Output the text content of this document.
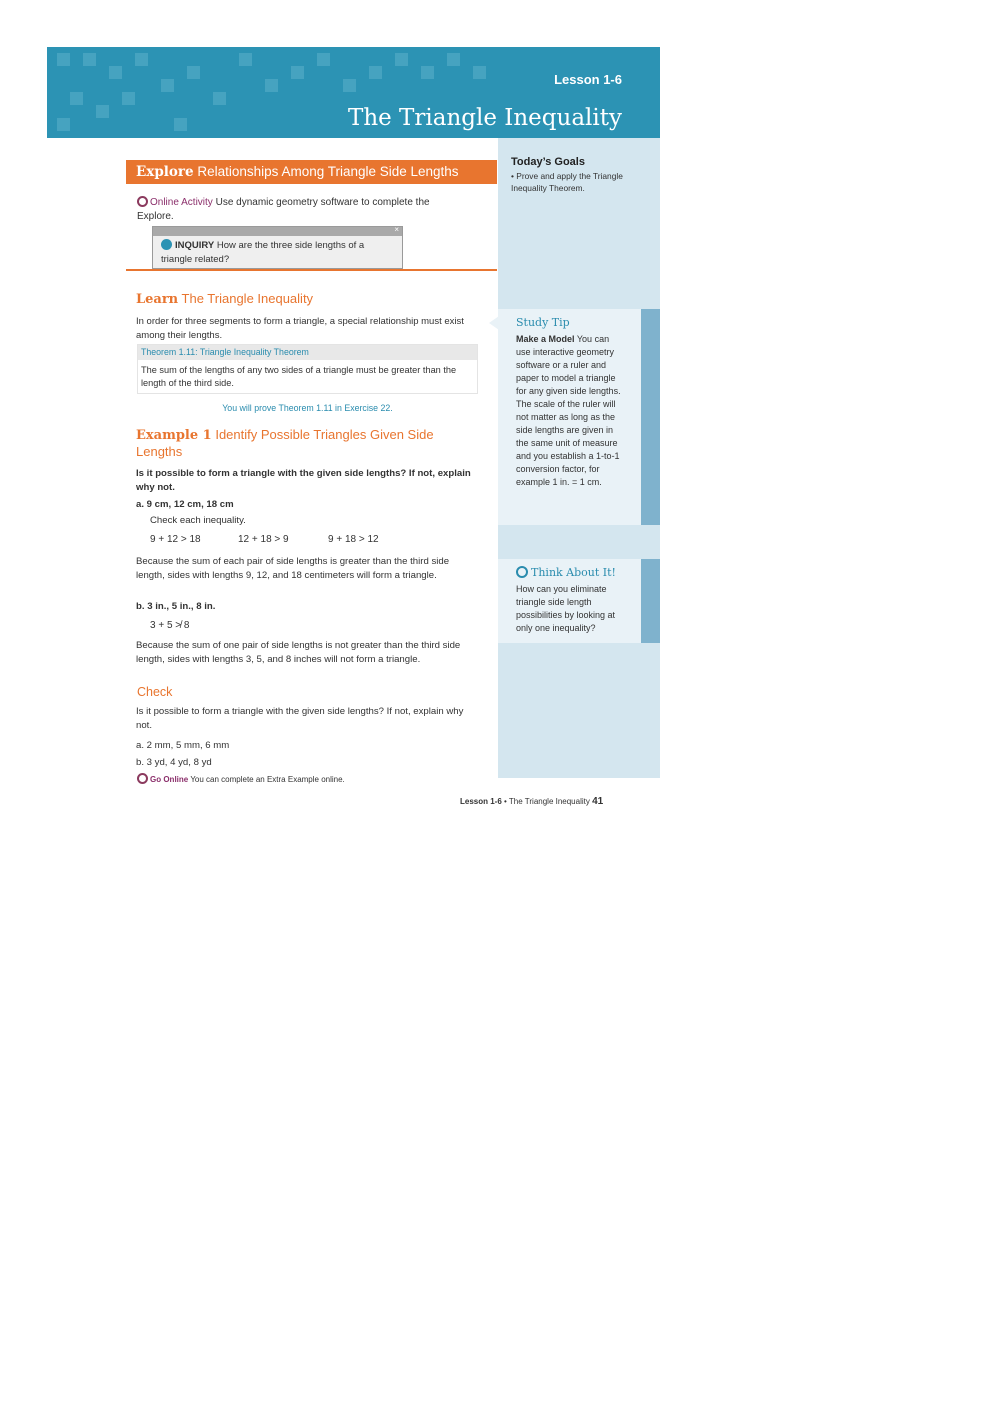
Lesson 1-6
The Triangle Inequality
Today’s Goals
• Prove and apply the Triangle Inequality Theorem.
Study Tip
Make a Model You can use interactive geometry software or a ruler and paper to model a triangle for any given side lengths. The scale of the ruler will not matter as long as the side lengths are given in the same unit of measure and you establish a 1-to-1 conversion factor, for example 1 in. = 1 cm.
Think About It!
How can you eliminate triangle side length possibilities by looking at only one inequality?
Explore Relationships Among Triangle Side Lengths
Online Activity Use dynamic geometry software to complete the Explore.
×
INQUIRY How are the three side lengths of a triangle related?
Learn The Triangle Inequality
In order for three segments to form a triangle, a special relationship must exist among their lengths.
Theorem 1.11: Triangle Inequality Theorem
The sum of the lengths of any two sides of a triangle must be greater than the length of the third side.
You will prove Theorem 1.11 in Exercise 22.
Example 1 Identify Possible Triangles Given Side Lengths
Is it possible to form a triangle with the given side lengths? If not, explain why not.
a. 9 cm, 12 cm, 18 cm
Check each inequality.
9 + 12 > 18	12 + 18 > 9	9 + 18 > 12
Because the sum of each pair of side lengths is greater than the third side length, sides with lengths 9, 12, and 18 centimeters will form a triangle.
b. 3 in., 5 in., 8 in.
3 + 5 ≯ 8
Because the sum of one pair of side lengths is not greater than the third side length, sides with lengths 3, 5, and 8 inches will not form a triangle.
Check
Is it possible to form a triangle with the given side lengths? If not, explain why not.
a. 2 mm, 5 mm, 6 mm
b. 3 yd, 4 yd, 8 yd
Go Online You can complete an Extra Example online.
Lesson 1-6 • The Triangle Inequality 41
